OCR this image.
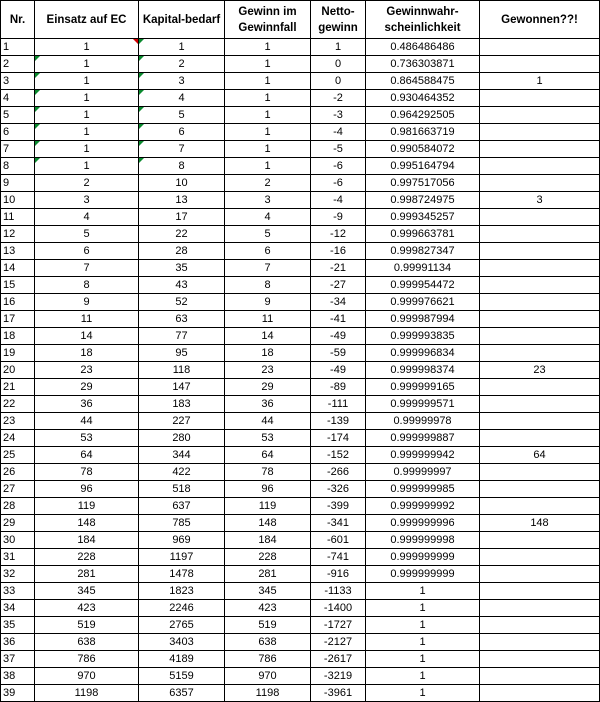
Nr.	Einsatz auf EC	Kapital-bedarf	Gewinn im Gewinnfall	Netto-gewinn	Gewinnwahr-scheinlichkeit	Gewonnen??!
1	1	1	1	1	0.486486486	
2	1	2	1	0	0.736303871	
3	1	3	1	0	0.864588475	1
4	1	4	1	-2	0.930464352	
5	1	5	1	-3	0.964292505	
6	1	6	1	-4	0.981663719	
7	1	7	1	-5	0.990584072	
8	1	8	1	-6	0.995164794	
9	2	10	2	-6	0.997517056	
10	3	13	3	-4	0.998724975	3
11	4	17	4	-9	0.999345257	
12	5	22	5	-12	0.999663781	
13	6	28	6	-16	0.999827347	
14	7	35	7	-21	0.99991134	
15	8	43	8	-27	0.999954472	
16	9	52	9	-34	0.999976621	
17	11	63	11	-41	0.999987994	
18	14	77	14	-49	0.999993835	
19	18	95	18	-59	0.999996834	
20	23	118	23	-49	0.999998374	23
21	29	147	29	-89	0.999999165	
22	36	183	36	-111	0.999999571	
23	44	227	44	-139	0.99999978	
24	53	280	53	-174	0.999999887	
25	64	344	64	-152	0.999999942	64
26	78	422	78	-266	0.99999997	
27	96	518	96	-326	0.999999985	
28	119	637	119	-399	0.999999992	
29	148	785	148	-341	0.999999996	148
30	184	969	184	-601	0.999999998	
31	228	1197	228	-741	0.999999999	
32	281	1478	281	-916	0.999999999	
33	345	1823	345	-1133	1	
34	423	2246	423	-1400	1	
35	519	2765	519	-1727	1	
36	638	3403	638	-2127	1	
37	786	4189	786	-2617	1	
38	970	5159	970	-3219	1	
39	1198	6357	1198	-3961	1	
